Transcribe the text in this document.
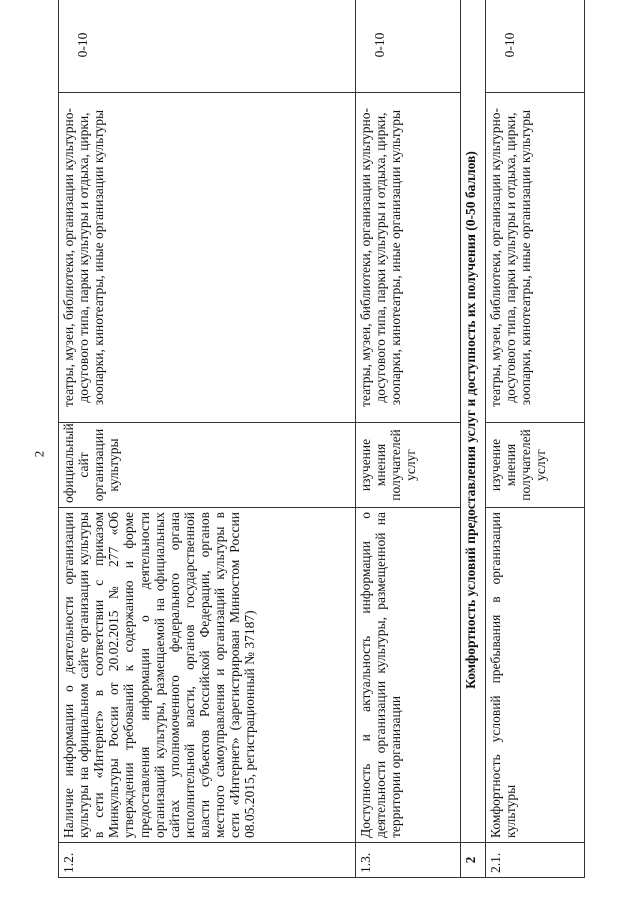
2
1.2.	Наличие информации о деятельности организации культуры на официальном сайте организации культуры в сети «Интернет» в соответствии с приказом Минкультуры России от 20.02.2015 № 277 «Об утверждении требований к содержанию и форме предоставления информации о деятельности организаций культуры, размещаемой на официальных сайтах уполномоченного федерального органа исполнительной власти, органов государственной власти субъектов Российской Федерации, органов местного самоуправления и организаций культуры в сети «Интернет» (зарегистрирован Минюстом России 08.05.2015, регистрационный № 37187)	официальный сайт организации культуры	театры, музеи, библиотеки, организации культурно-досугового типа, парки культуры и отдыха, цирки, зоопарки, кинотеатры, иные организации культуры	0-10
1.3.	Доступность и актуальность информации о деятельности организации культуры, размещенной на территории организации	изучение мнения получателей услуг	театры, музеи, библиотеки, организации культурно-досугового типа, парки культуры и отдыха, цирки, зоопарки, кинотеатры, иные организации культуры	0-10
2	Комфортность условий предоставления услуг и доступность их получения (0-50 баллов)			
2.1.	Комфортность условий пребывания в организации культуры	изучение мнения получателей услуг	театры, музеи, библиотеки, организации культурно-досугового типа, парки культуры и отдыха, цирки, зоопарки, кинотеатры, иные организации культуры	0-10
